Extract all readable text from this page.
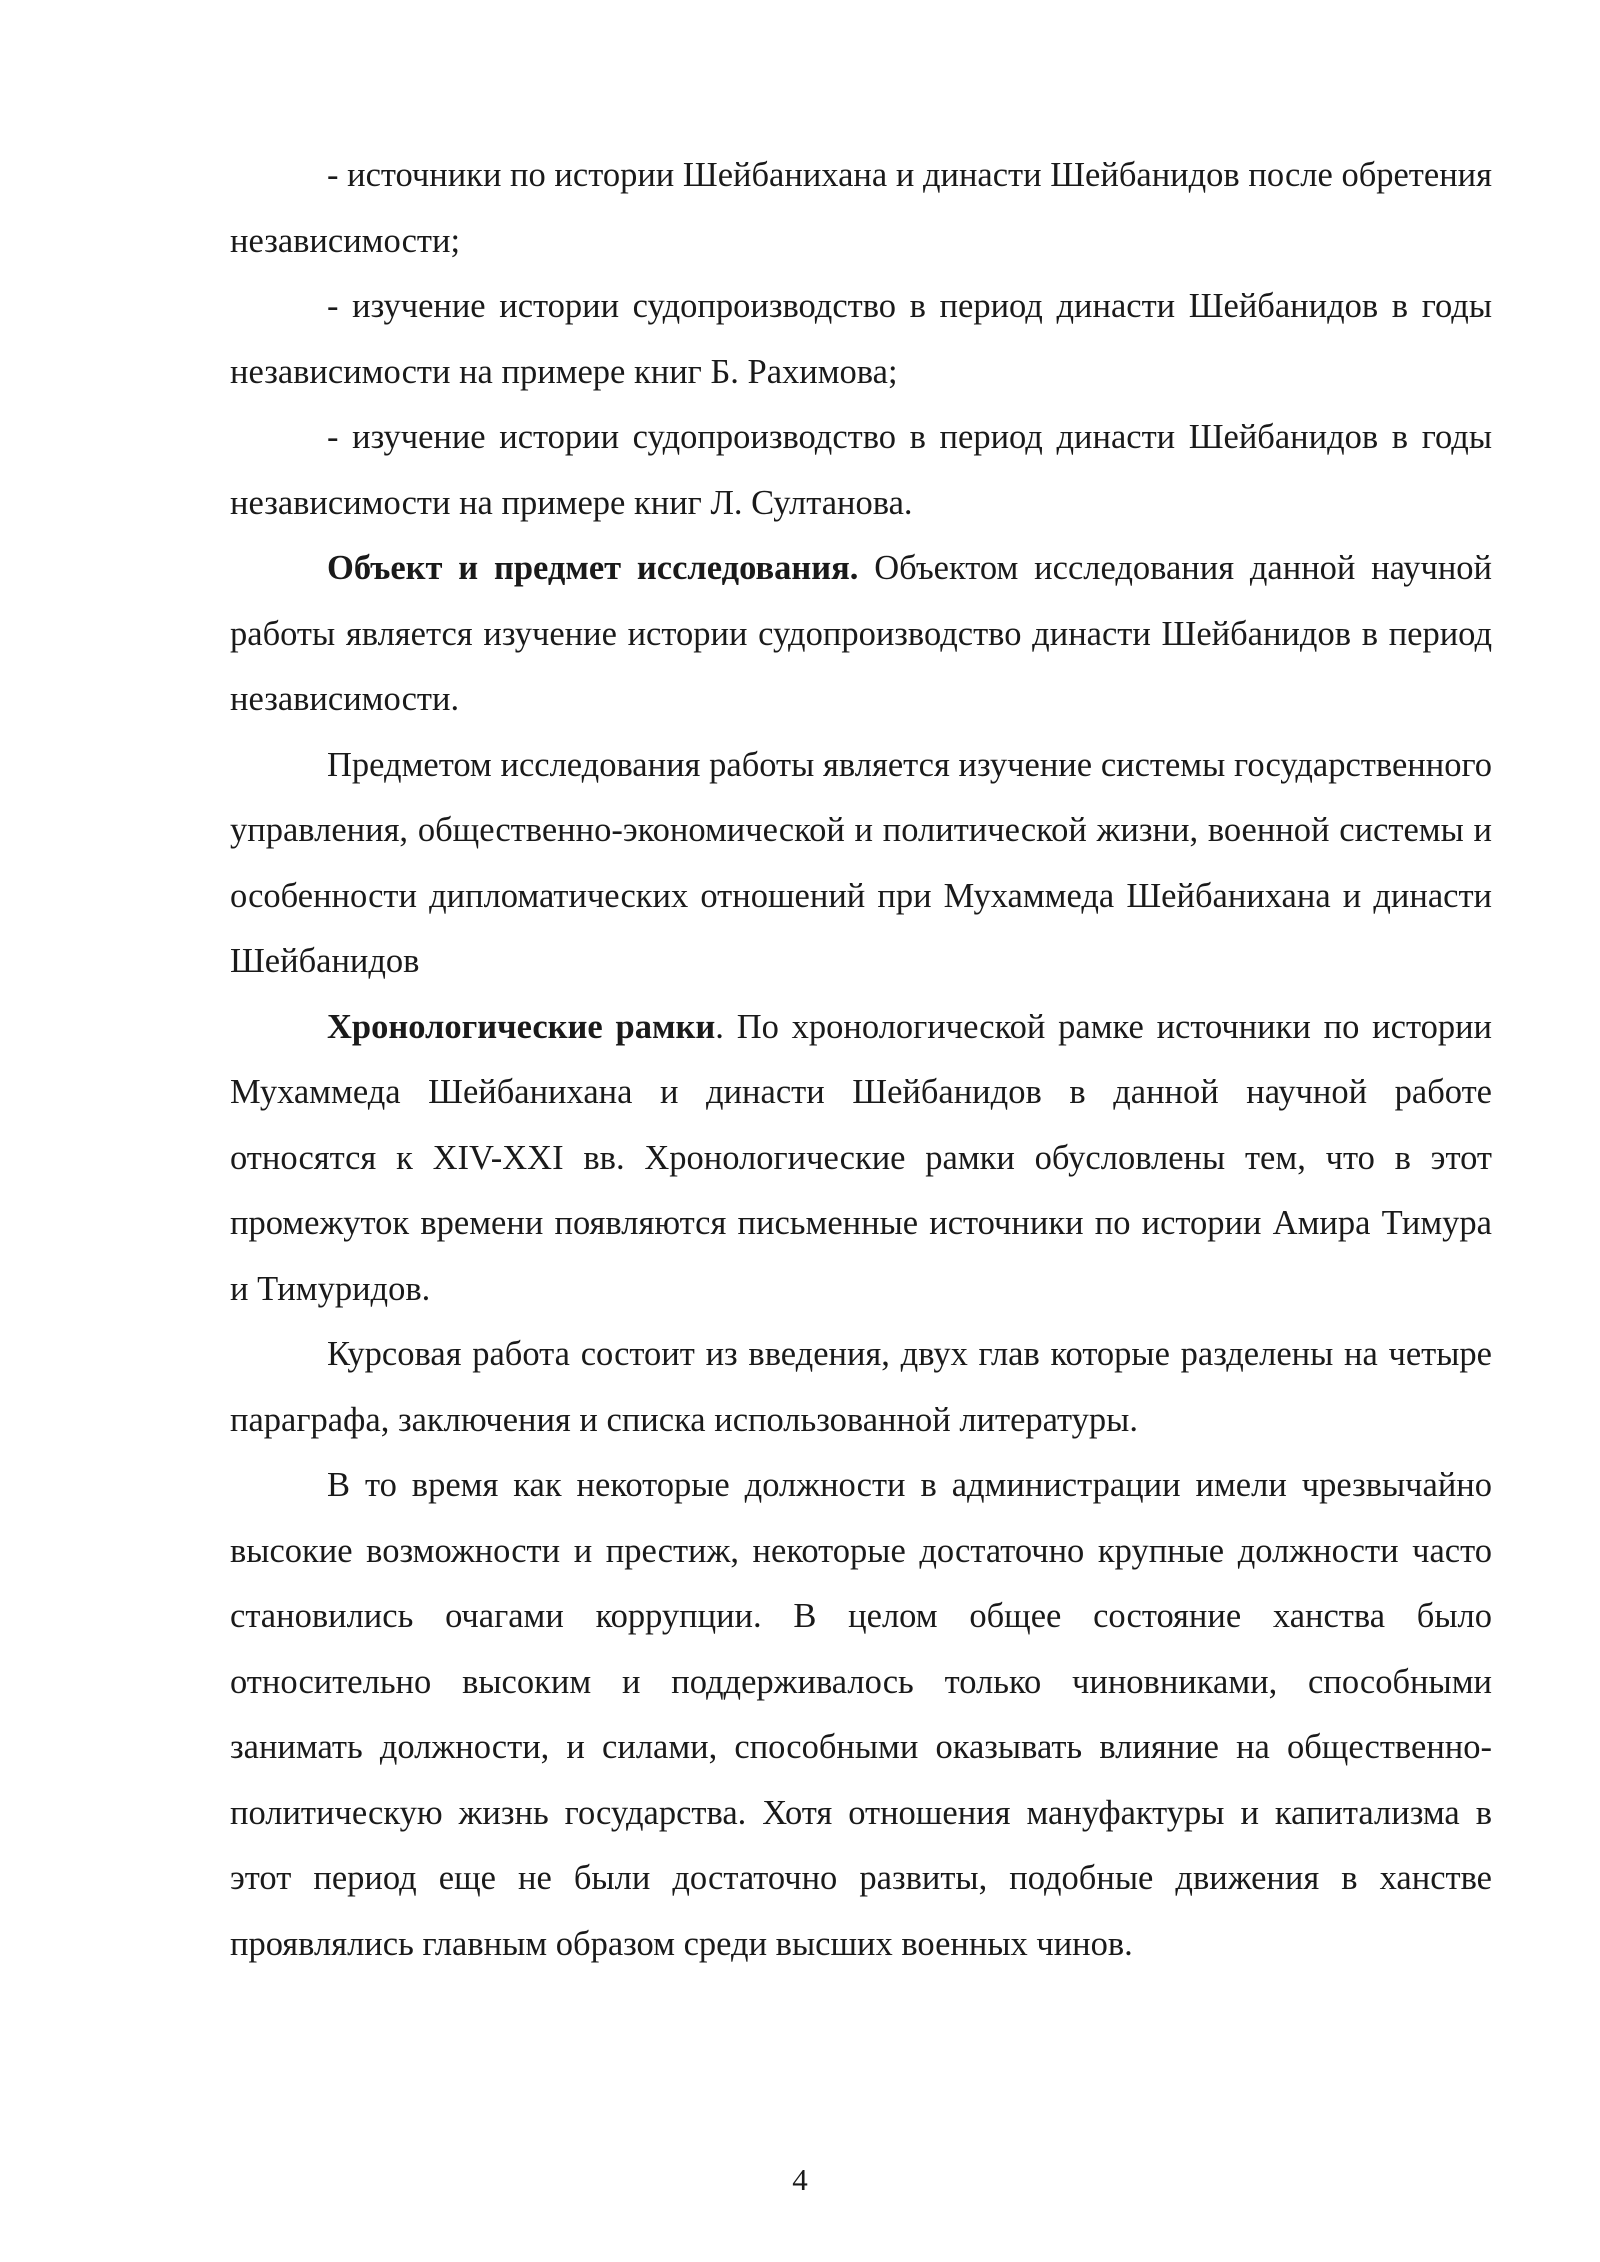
- источники по истории Шейбанихана и династи Шейбанидов после обретения независимости;

- изучение истории судопроизводство в период династи Шейбанидов в годы независимости на примере книг Б. Рахимова;

- изучение истории судопроизводство в период династи Шейбанидов в годы независимости на примере книг Л. Султанова.

Объект и предмет исследования. Объектом исследования данной научной работы является изучение истории судопроизводство династи Шейбанидов в период независимости.

Предметом исследования работы является изучение системы государственного управления, общественно-экономической и политической жизни, военной системы и особенности дипломатических отношений при Мухаммеда Шейбанихана и династи Шейбанидов

Хронологические рамки. По хронологической рамке источники по истории Мухаммеда Шейбанихана и династи Шейбанидов в данной научной работе относятся к XIV-XXI вв. Хронологические рамки обусловлены тем, что в этот промежуток времени появляются письменные источники по истории Амира Тимура и Тимуридов.

Курсовая работа состоит из введения, двух глав которые разделены на четыре параграфа, заключения и списка использованной литературы.

В то время как некоторые должности в администрации имели чрезвычайно высокие возможности и престиж, некоторые достаточно крупные должности часто становились очагами коррупции. В целом общее состояние ханства было относительно высоким и поддерживалось только чиновниками, способными занимать должности, и силами, способными оказывать влияние на общественно-политическую жизнь государства. Хотя отношения мануфактуры и капитализма в этот период еще не были достаточно развиты, подобные движения в ханстве проявлялись главным образом среди высших военных чинов.

4
